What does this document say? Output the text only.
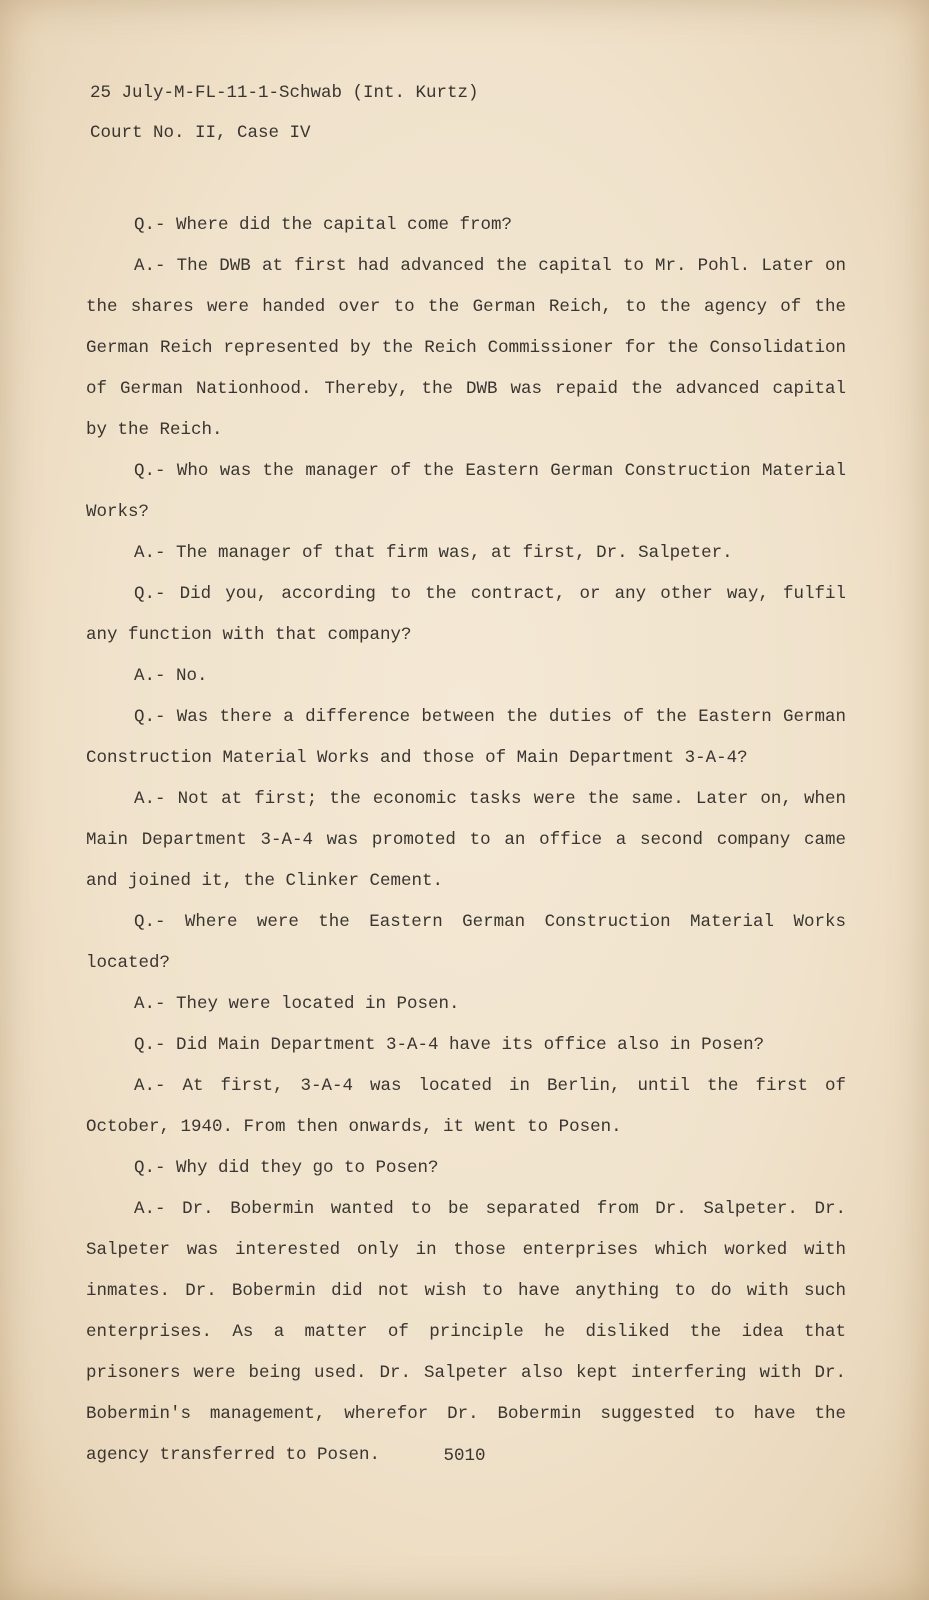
25 July-M-FL-11-1-Schwab (Int. Kurtz)
Court No. II, Case IV

Q.- Where did the capital come from?

A.- The DWB at first had advanced the capital to Mr. Pohl. Later on the shares were handed over to the German Reich, to the agency of the German Reich represented by the Reich Commissioner for the Consolidation of German Nationhood. Thereby, the DWB was repaid the advanced capital by the Reich.

Q.- Who was the manager of the Eastern German Construction Material Works?

A.- The manager of that firm was, at first, Dr. Salpeter.

Q.- Did you, according to the contract, or any other way, fulfil any function with that company?

A.- No.

Q.- Was there a difference between the duties of the Eastern German Construction Material Works and those of Main Department 3-A-4?

A.- Not at first; the economic tasks were the same. Later on, when Main Department 3-A-4 was promoted to an office a second company came and joined it, the Clinker Cement.

Q.- Where were the Eastern German Construction Material Works located?

A.- They were located in Posen.

Q.- Did Main Department 3-A-4 have its office also in Posen?

A.- At first, 3-A-4 was located in Berlin, until the first of October, 1940. From then onwards, it went to Posen.

Q.- Why did they go to Posen?

A.- Dr. Bobermin wanted to be separated from Dr. Salpeter. Dr. Salpeter was interested only in those enterprises which worked with inmates. Dr. Bobermin did not wish to have anything to do with such enterprises. As a matter of principle he disliked the idea that prisoners were being used. Dr. Salpeter also kept interfering with Dr. Bobermin's management, wherefor Dr. Bobermin suggested to have the agency transferred to Posen.	5010
